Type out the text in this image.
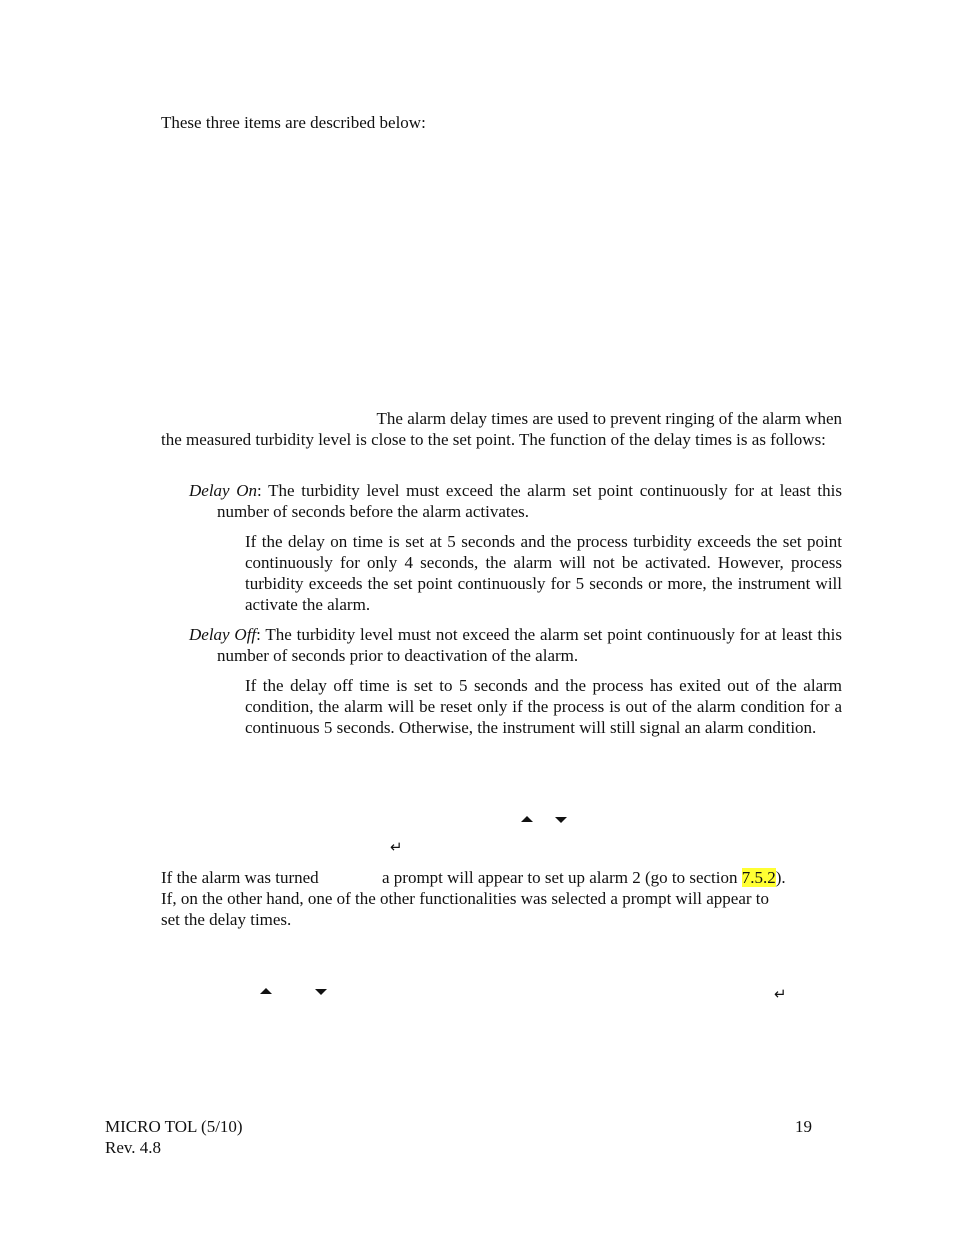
These three items are described below:
The alarm delay times are used to prevent ringing of the alarm when
the measured turbidity level is close to the set point. The function of the delay times is as follows:
Delay On: The turbidity level must exceed the alarm set point continuously for at least this number of seconds before the alarm activates.
If the delay on time is set at 5 seconds and the process turbidity exceeds the set point continuously for only 4 seconds, the alarm will not be activated. However, process turbidity exceeds the set point continuously for 5 seconds or more, the instrument will activate the alarm.
Delay Off: The turbidity level must not exceed the alarm set point continuously for at least this number of seconds prior to deactivation of the alarm.
If the delay off time is set to 5 seconds and the process has exited out of the alarm condition, the alarm will be reset only if the process is out of the alarm condition for a continuous 5 seconds. Otherwise, the instrument will still signal an alarm condition.
↵
If the alarm was turned	a prompt will appear to set up alarm 2 (go to section 7.5.2).
If, on the other hand, one of the other functionalities was selected a prompt will appear to
set the delay times.
↵
MICRO TOL (5/10)
Rev. 4.8
19
